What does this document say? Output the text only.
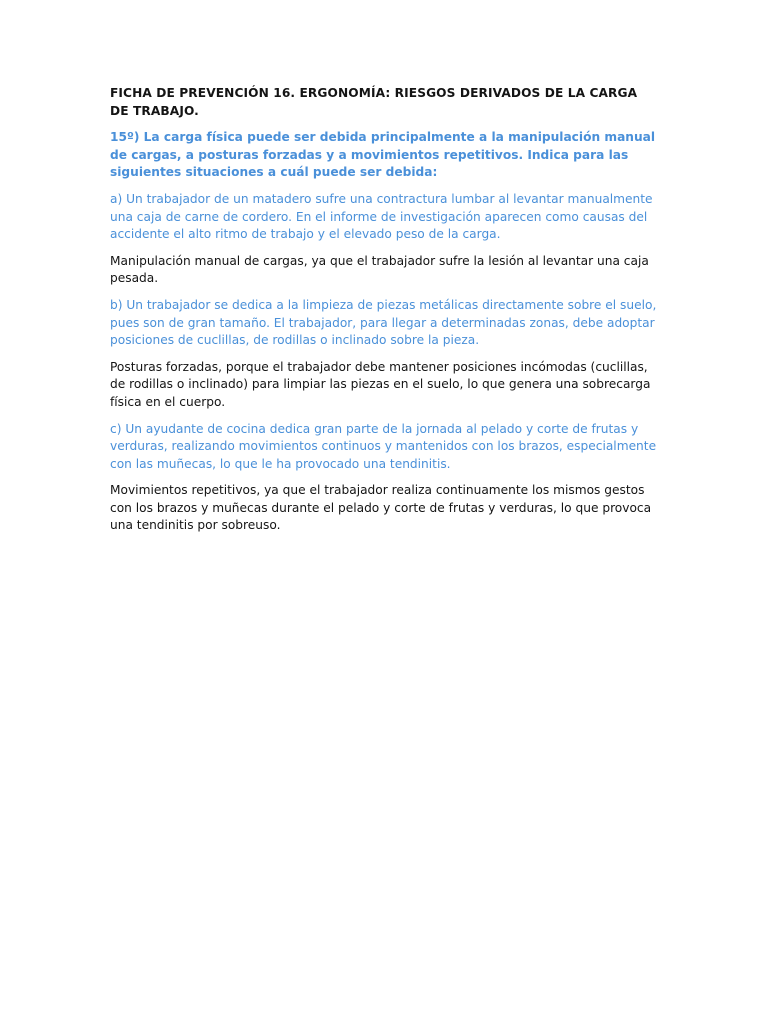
FICHA DE PREVENCIÓN 16. ERGONOMÍA: RIESGOS DERIVADOS DE LA CARGA DE TRABAJO.

15º) La carga física puede ser debida principalmente a la manipulación manual de cargas, a posturas forzadas y a movimientos repetitivos. Indica para las siguientes situaciones a cuál puede ser debida:

a) Un trabajador de un matadero sufre una contractura lumbar al levantar manualmente una caja de carne de cordero. En el informe de investigación aparecen como causas del accidente el alto ritmo de trabajo y el elevado peso de la carga.

Manipulación manual de cargas, ya que el trabajador sufre la lesión al levantar una caja pesada.

b) Un trabajador se dedica a la limpieza de piezas metálicas directamente sobre el suelo, pues son de gran tamaño. El trabajador, para llegar a determinadas zonas, debe adoptar posiciones de cuclillas, de rodillas o inclinado sobre la pieza.

Posturas forzadas, porque el trabajador debe mantener posiciones incómodas (cuclillas, de rodillas o inclinado) para limpiar las piezas en el suelo, lo que genera una sobrecarga física en el cuerpo.

c) Un ayudante de cocina dedica gran parte de la jornada al pelado y corte de frutas y verduras, realizando movimientos continuos y mantenidos con los brazos, especialmente con las muñecas, lo que le ha provocado una tendinitis.

Movimientos repetitivos, ya que el trabajador realiza continuamente los mismos gestos con los brazos y muñecas durante el pelado y corte de frutas y verduras, lo que provoca una tendinitis por sobreuso.
